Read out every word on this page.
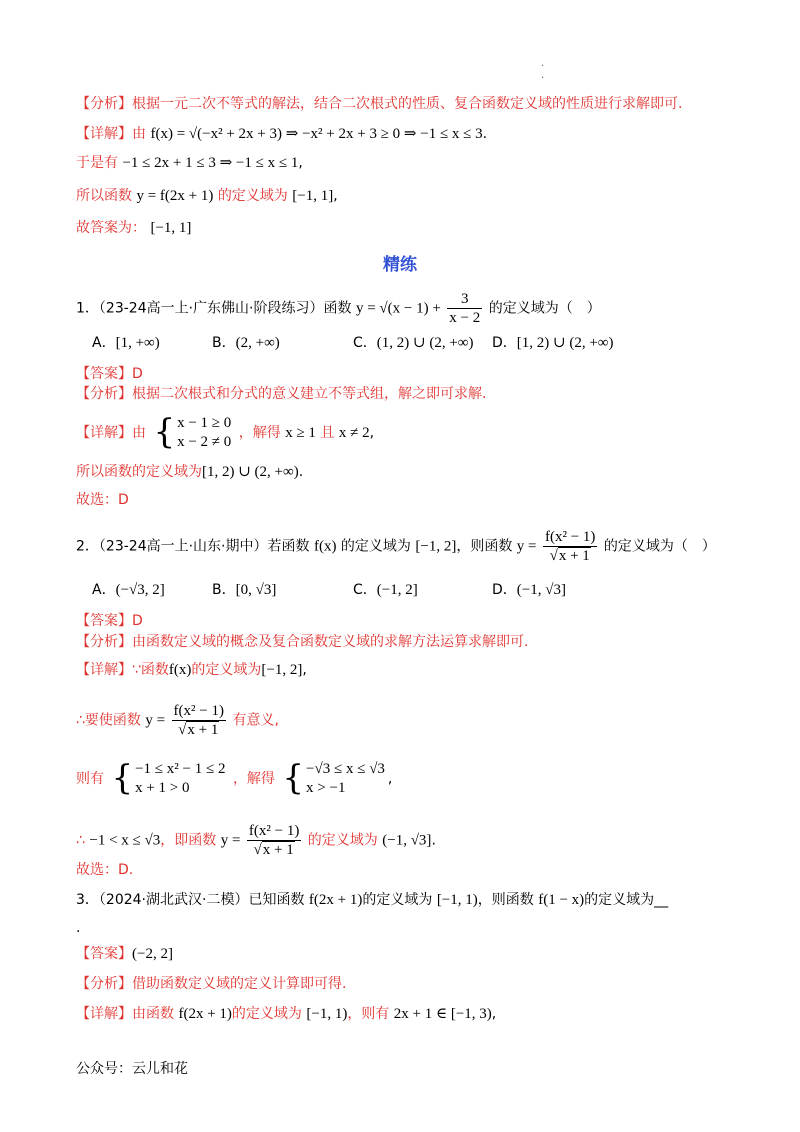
.
.
【分析】根据一元二次不等式的解法，结合二次根式的性质、复合函数定义域的性质进行求解即可.
【详解】由 f(x) = √(−x² + 2x + 3) ⇒ −x² + 2x + 3 ≥ 0 ⇒ −1 ≤ x ≤ 3.
于是有 −1 ≤ 2x + 1 ≤ 3 ⇒ −1 ≤ x ≤ 1,
所以函数 y = f(2x + 1) 的定义域为 [−1, 1],
故答案为： [−1, 1]
精练
1．（23-24高一上·广东佛山·阶段练习）函数 $y = √(x - 1) + \frac{3}{x - 2}$ 的定义域为（　）
A．[1, +∞)	B．(2, +∞)	C．(1, 2) ∪ (2, +∞) D．[1, 2) ∪ (2, +∞)
【答案】D
【分析】根据二次根式和分式的意义建立不等式组，解之即可求解.
【详解】由 { x − 1 ≥ 0
x − 2 ≠ 0
，解得 x ≥ 1 且 x ≠ 2,
所以函数的定义域为[1, 2) ∪ (2, +∞).
故选：D
2．（23-24高一上·山东·期中）若函数 f(x) 的定义域为 [−1, 2]，则函数 $y = \frac{\text{f(x² − 1)}}{√x + 1}$ 的定义域为（　）
A．(−√3, 2]	B．[0, √3]	C．(−1, 2]	D．(−1, √3]
【答案】D
【分析】由函数定义域的概念及复合函数定义域的求解方法运算求解即可.
【详解】∵函数f(x)的定义域为[−1, 2],
∴要使函数 $y = \frac{\text{f(x² − 1)}}{√x + 1}$ 有意义,
则有 { −1 ≤ x² − 1 ≤ 2
x + 1 > 0
，解得 { −√3 ≤ x ≤ √3
x > −1
,
∴ −1 < x ≤ √3，即函数 $y = \frac{\text{f(x² − 1)}}{√x + 1}$ 的定义域为 (−1, √3].
故选：D.
3．（2024·湖北武汉·二模）已知函数 f(2x + 1)的定义域为 [−1, 1)，则函数 f(1 − x)的定义域为__
.
【答案】(−2, 2]
【分析】借助函数定义域的定义计算即可得.
【详解】由函数 f(2x + 1)的定义域为 [−1, 1)，则有 2x + 1 ∈ [−1, 3),
公众号：云儿和花
